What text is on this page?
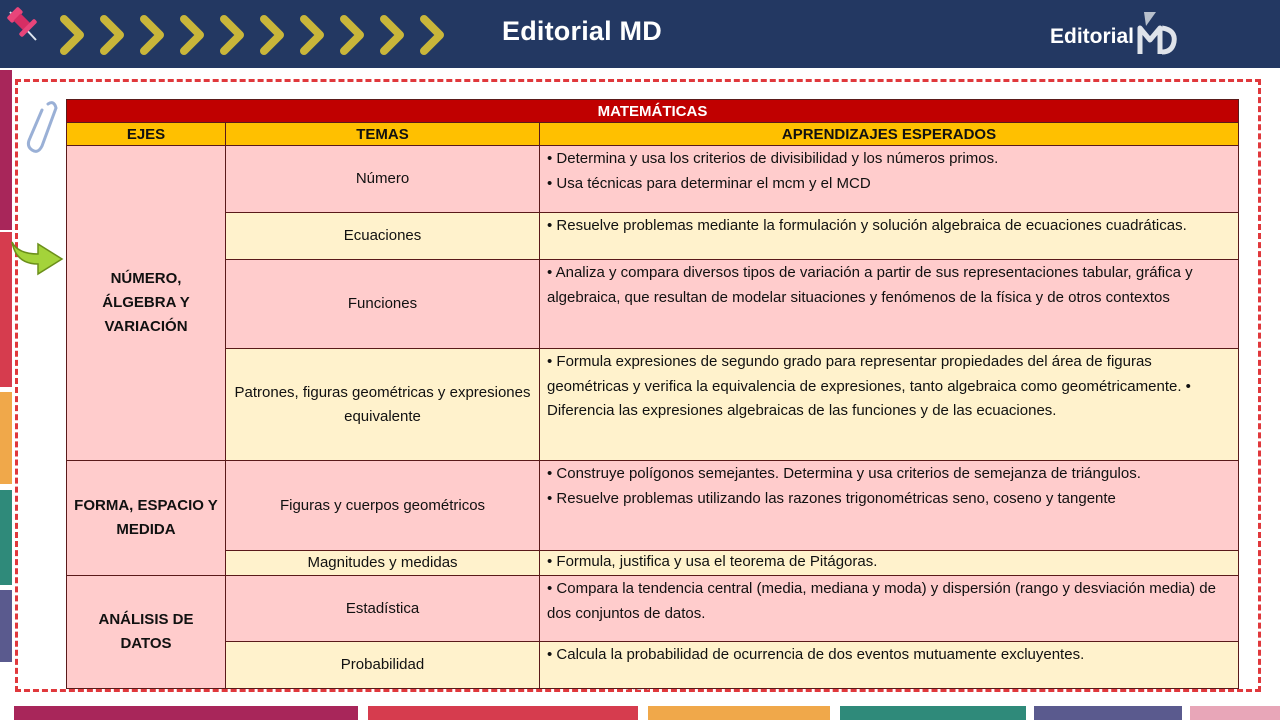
Editorial MD	Editorial
MATEMÁTICAS		
EJES	TEMAS	APRENDIZAJES ESPERADOS
NÚMERO, ÁLGEBRA Y VARIACIÓN	Número	• Determina y usa los criterios de divisibilidad y los números primos.

• Usa técnicas para determinar el mcm y el MCD

	Ecuaciones	• Resuelve problemas mediante la formulación y solución algebraica de ecuaciones cuadráticas.

	Funciones	• Analiza y compara diversos tipos de variación a partir de sus representaciones tabular, gráfica y algebraica, que resultan de modelar situaciones y fenómenos de la física y de otros contextos

	Patrones, figuras geométricas y expresiones equivalente	• Formula expresiones de segundo grado para representar propiedades del área de figuras geométricas y verifica la equivalencia de expresiones, tanto algebraica como geométricamente. • Diferencia las expresiones algebraicas de las funciones y de las ecuaciones.

FORMA, ESPACIO Y MEDIDA	Figuras y cuerpos geométricos	• Construye polígonos semejantes. Determina y usa criterios de semejanza de triángulos.

• Resuelve problemas utilizando las razones trigonométricas seno, coseno y tangente

	Magnitudes y medidas	• Formula, justifica y usa el teorema de Pitágoras.

ANÁLISIS DE DATOS	Estadística	• Compara la tendencia central (media, mediana y moda) y dispersión (rango y desviación media) de dos conjuntos de datos.

	Probabilidad	• Calcula la probabilidad de ocurrencia de dos eventos mutuamente excluyentes.
